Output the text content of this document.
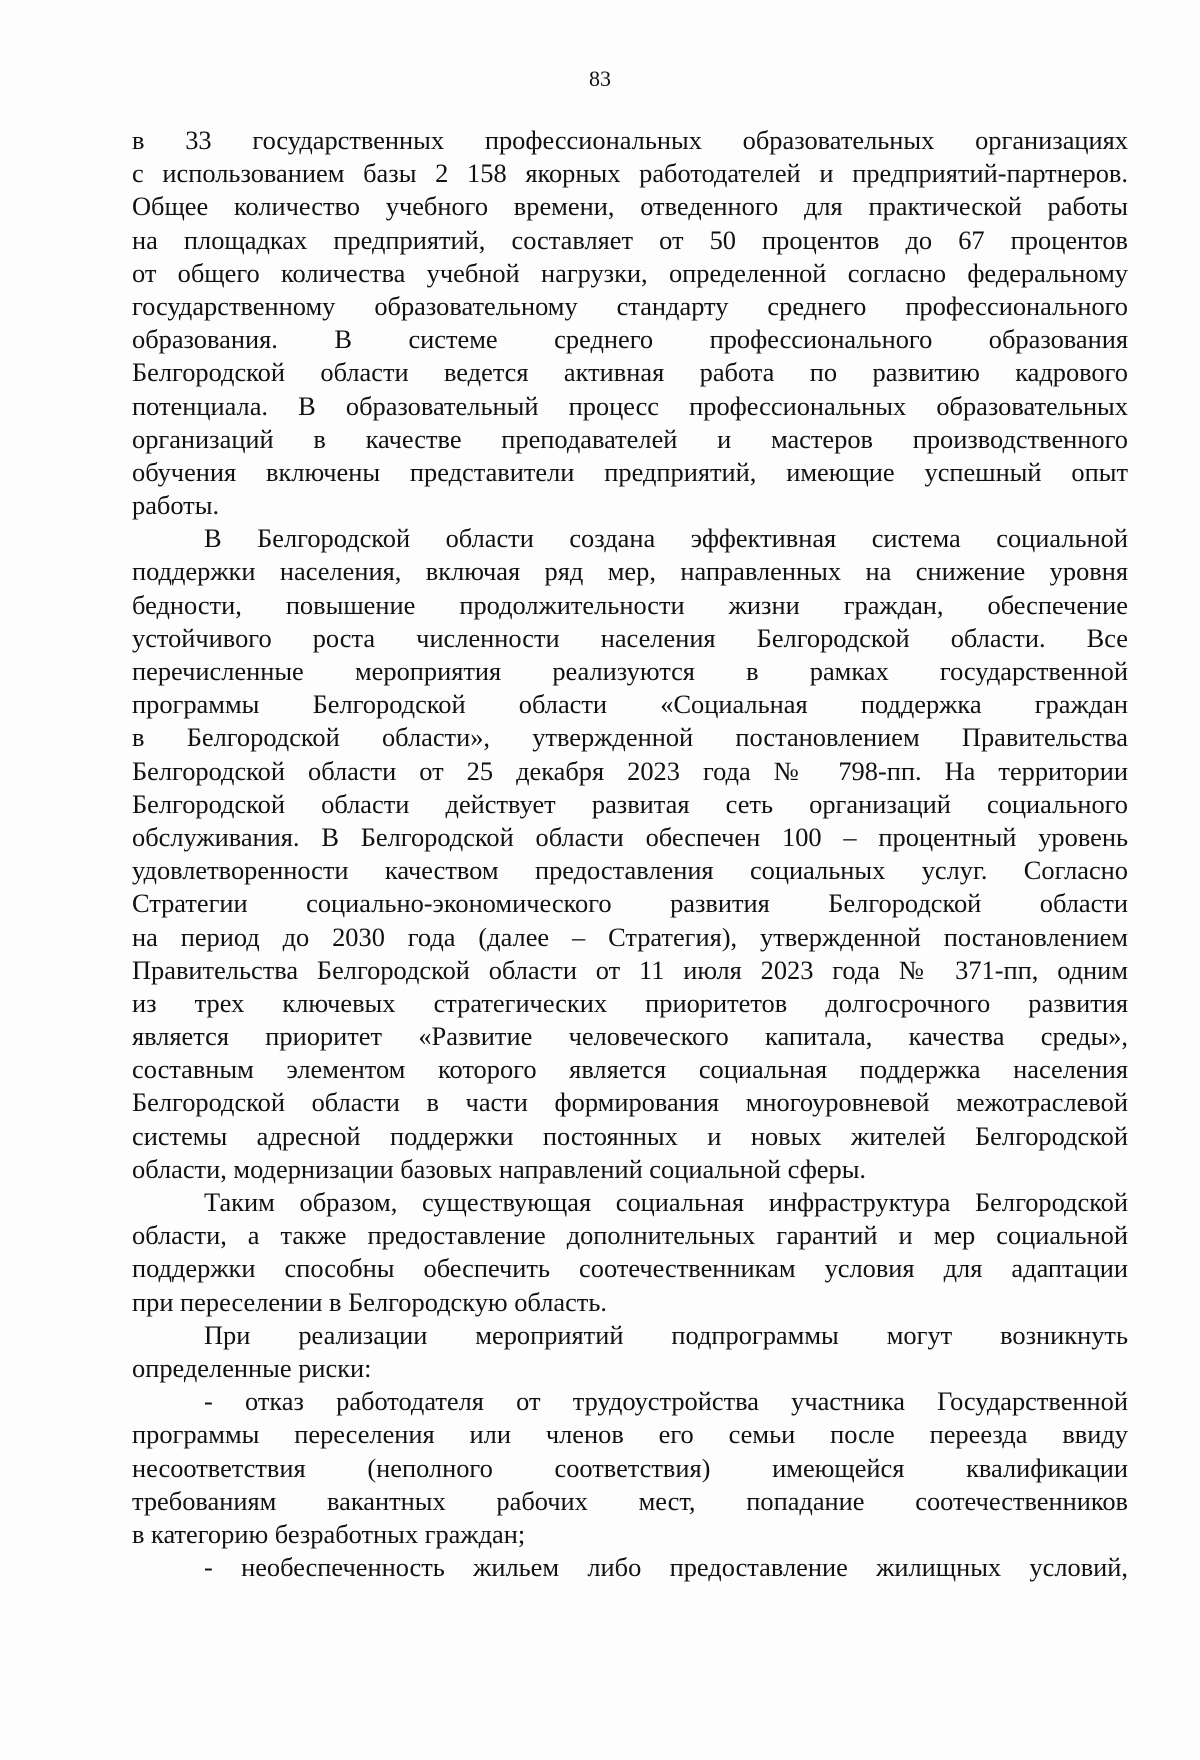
83
в 33 государственных профессиональных образовательных организациях
с использованием базы 2 158 якорных работодателей и предприятий-партнеров.
Общее количество учебного времени, отведенного для практической работы
на площадках предприятий, составляет от 50 процентов до 67 процентов
от общего количества учебной нагрузки, определенной согласно федеральному
государственному образовательному стандарту среднего профессионального
образования. В системе среднего профессионального образования
Белгородской области ведется активная работа по развитию кадрового
потенциала. В образовательный процесс профессиональных образовательных
организаций в качестве преподавателей и мастеров производственного
обучения включены представители предприятий, имеющие успешный опыт
работы.
В Белгородской области создана эффективная система социальной
поддержки населения, включая ряд мер, направленных на снижение уровня
бедности, повышение продолжительности жизни граждан, обеспечение
устойчивого роста численности населения Белгородской области. Все
перечисленные мероприятия реализуются в рамках государственной
программы Белгородской области «Социальная поддержка граждан
в Белгородской области», утвержденной постановлением Правительства
Белгородской области от 25 декабря 2023 года № 798-пп. На территории
Белгородской области действует развитая сеть организаций социального
обслуживания. В Белгородской области обеспечен 100 – процентный уровень
удовлетворенности качеством предоставления социальных услуг. Согласно
Стратегии социально-экономического развития Белгородской области
на период до 2030 года (далее – Стратегия), утвержденной постановлением
Правительства Белгородской области от 11 июля 2023 года № 371-пп, одним
из трех ключевых стратегических приоритетов долгосрочного развития
является приоритет «Развитие человеческого капитала, качества среды»,
составным элементом которого является социальная поддержка населения
Белгородской области в части формирования многоуровневой межотраслевой
системы адресной поддержки постоянных и новых жителей Белгородской
области, модернизации базовых направлений социальной сферы.
Таким образом, существующая социальная инфраструктура Белгородской
области, а также предоставление дополнительных гарантий и мер социальной
поддержки способны обеспечить соотечественникам условия для адаптации
при переселении в Белгородскую область.
При реализации мероприятий подпрограммы могут возникнуть
определенные риски:
- отказ работодателя от трудоустройства участника Государственной
программы переселения или членов его семьи после переезда ввиду
несоответствия (неполного соответствия) имеющейся квалификации
требованиям вакантных рабочих мест, попадание соотечественников
в категорию безработных граждан;
- необеспеченность жильем либо предоставление жилищных условий,
